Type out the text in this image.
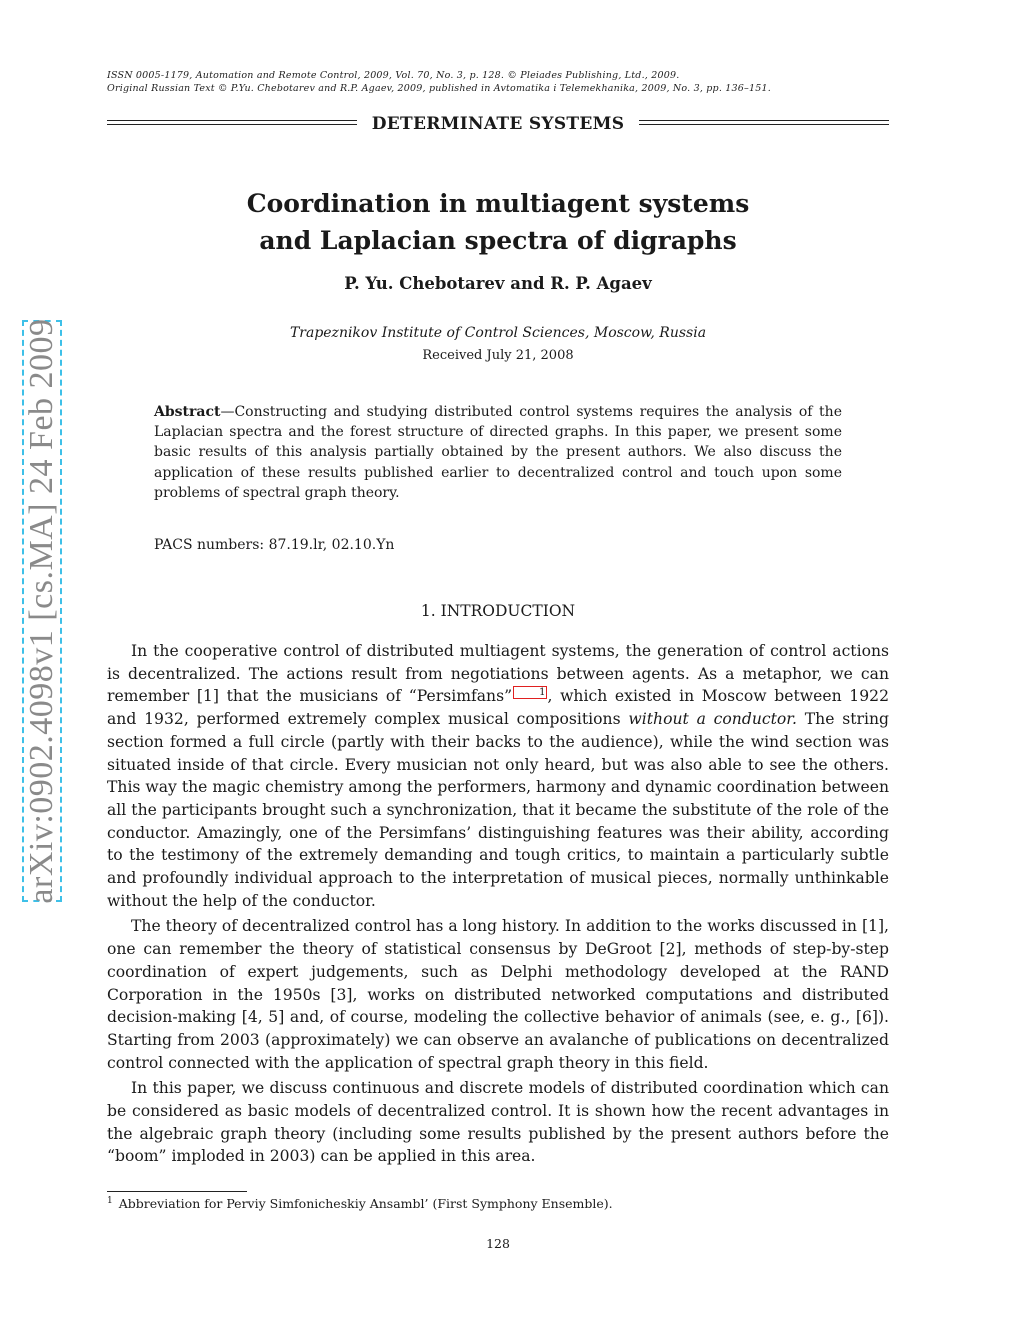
ISSN 0005-1179, Automation and Remote Control, 2009, Vol. 70, No. 3, p. 128. © Pleiades Publishing, Ltd., 2009.
Original Russian Text © P.Yu. Chebotarev and R.P. Agaev, 2009, published in Avtomatika i Telemekhanika, 2009, No. 3, pp. 136–151.
DETERMINATE SYSTEMS
Coordination in multiagent systems
and Laplacian spectra of digraphs
P. Yu. Chebotarev and R. P. Agaev
Trapeznikov Institute of Control Sciences, Moscow, Russia
Received July 21, 2008
Abstract—Constructing and studying distributed control systems requires the analysis of the Laplacian spectra and the forest structure of directed graphs. In this paper, we present some basic results of this analysis partially obtained by the present authors. We also discuss the application of these results published earlier to decentralized control and touch upon some problems of spectral graph theory.
PACS numbers: 87.19.lr, 02.10.Yn
1. INTRODUCTION

In the cooperative control of distributed multiagent systems, the generation of control actions is decentralized. The actions result from negotiations between agents. As a metaphor, we can remember [1] that the musicians of “Persimfans”	1 , which existed in Moscow between 1922 and 1932, performed extremely complex musical compositions without a conductor. The string section formed a full circle (partly with their backs to the audience), while the wind section was situated inside of that circle. Every musician not only heard, but was also able to see the others. This way the magic chemistry among the performers, harmony and dynamic coordination between all the participants brought such a synchronization, that it became the substitute of the role of the conductor. Amazingly, one of the Persimfans’ distinguishing features was their ability, according to the testimony of the extremely demanding and tough critics, to maintain a particularly subtle and profoundly individual approach to the interpretation of musical pieces, normally unthinkable without the help of the conductor.

The theory of decentralized control has a long history. In addition to the works discussed in [1], one can remember the theory of statistical consensus by DeGroot [2], methods of step-by-step coordination of expert judgements, such as Delphi methodology developed at the RAND Corporation in the 1950s [3], works on distributed networked computations and distributed decision-making [4, 5] and, of course, modeling the collective behavior of animals (see, e. g., [6]). Starting from 2003 (approximately) we can observe an avalanche of publications on decentralized control connected with the application of spectral graph theory in this field.

In this paper, we discuss continuous and discrete models of distributed coordination which can be considered as basic models of decentralized control. It is shown how the recent advantages in the algebraic graph theory (including some results published by the present authors before the “boom” imploded in 2003) can be applied in this area.

$^1$ Abbreviation for Perviy Simfonicheskiy Ansambl’ (First Symphony Ensemble).
128
arXiv:0902.4098v1 [cs.MA] 24 Feb 2009
